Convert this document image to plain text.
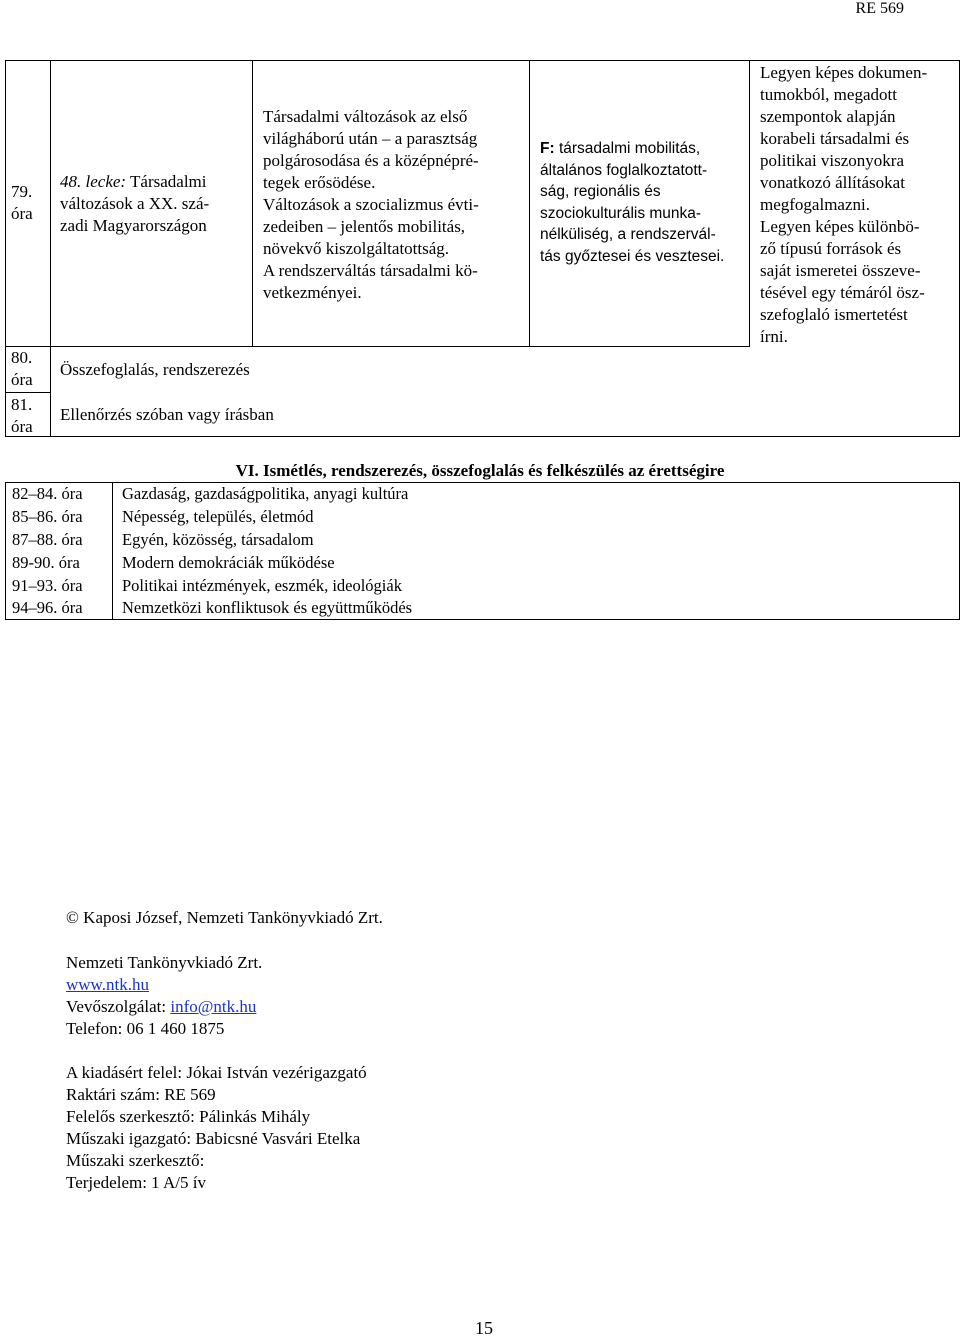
RE 569
79.
óra
48. lecke: Társadalmi
változások a XX. szá-
zadi Magyarországon
Társadalmi változások az első
világháború után – a parasztság
polgárosodása és a középnépré-
tegek erősödése.
Változások a szocializmus évti-
zedeiben – jelentős mobilitás,
növekvő kiszolgáltatottság.
A rendszerváltás társadalmi kö-
vetkezményei.
F: társadalmi mobilitás,
általános foglalkoztatott-
ság, regionális és
szociokulturális munka-
nélküliség, a rendszervál-
tás győztesei és vesztesei.
Legyen képes dokumen-
tumokból, megadott
szempontok alapján
korabeli társadalmi és
politikai viszonyokra
vonatkozó állításokat
megfogalmazni.
Legyen képes különbö-
ző típusú források és
saját ismeretei összeve-
tésével egy témáról ösz-
szefoglaló ismertetést
írni.
80.
óra
Összefoglalás, rendszerezés
81.
óra
Ellenőrzés szóban vagy írásban
VI. Ismétlés, rendszerezés, összefoglalás és felkészülés az érettségire
82–84. óra Gazdaság, gazdaságpolitika, anyagi kultúra
85–86. óra Népesség, település, életmód
87–88. óra Egyén, közösség, társadalom
89-90. óra	Modern demokráciák működése
91–93. óra Politikai intézmények, eszmék, ideológiák
94–96. óra Nemzetközi konfliktusok és együttműködés
© Kaposi József, Nemzeti Tankönyvkiadó Zrt.
Nemzeti Tankönyvkiadó Zrt.
www.ntk.hu
Vevőszolgálat: info@ntk.hu
Telefon: 06 1 460 1875
A kiadásért felel: Jókai István vezérigazgató
Raktári szám: RE 569
Felelős szerkesztő: Pálinkás Mihály
Műszaki igazgató: Babicsné Vasvári Etelka
Műszaki szerkesztő:
Terjedelem: 1 A/5 ív
15
